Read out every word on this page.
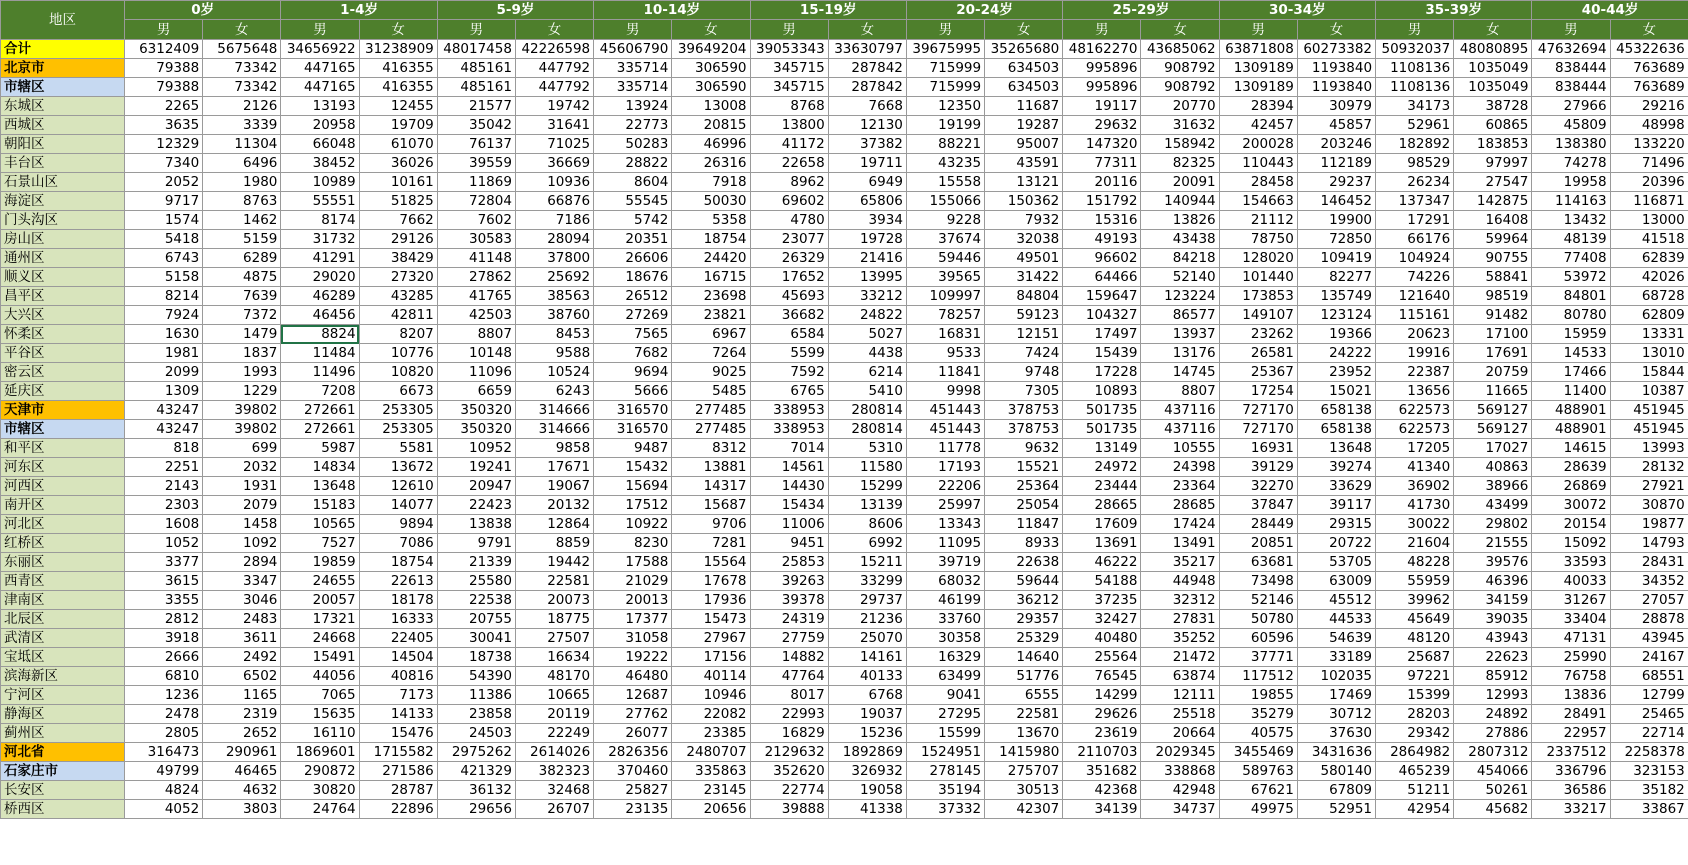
地区	0岁		1-4岁		5-9岁		10-14岁		15-19岁		20-24岁		25-29岁		30-34岁		35-39岁		40-44岁	
	男	女	男	女	男	女	男	女	男	女	男	女	男	女	男	女	男	女	男	女
合计	6312409	5675648	34656922	31238909	48017458	42226598	45606790	39649204	39053343	33630797	39675995	35265680	48162270	43685062	63871808	60273382	50932037	48080895	47632694	45322636
北京市	79388	73342	447165	416355	485161	447792	335714	306590	345715	287842	715999	634503	995896	908792	1309189	1193840	1108136	1035049	838444	763689
市辖区	79388	73342	447165	416355	485161	447792	335714	306590	345715	287842	715999	634503	995896	908792	1309189	1193840	1108136	1035049	838444	763689
东城区	2265	2126	13193	12455	21577	19742	13924	13008	8768	7668	12350	11687	19117	20770	28394	30979	34173	38728	27966	29216
西城区	3635	3339	20958	19709	35042	31641	22773	20815	13800	12130	19199	19287	29632	31632	42457	45857	52961	60865	45809	48998
朝阳区	12329	11304	66048	61070	76137	71025	50283	46996	41172	37382	88221	95007	147320	158942	200028	203246	182892	183853	138380	133220
丰台区	7340	6496	38452	36026	39559	36669	28822	26316	22658	19711	43235	43591	77311	82325	110443	112189	98529	97997	74278	71496
石景山区	2052	1980	10989	10161	11869	10936	8604	7918	8962	6949	15558	13121	20116	20091	28458	29237	26234	27547	19958	20396
海淀区	9717	8763	55551	51825	72804	66876	55545	50030	69602	65806	155066	150362	151792	140944	154663	146452	137347	142875	114163	116871
门头沟区	1574	1462	8174	7662	7602	7186	5742	5358	4780	3934	9228	7932	15316	13826	21112	19900	17291	16408	13432	13000
房山区	5418	5159	31732	29126	30583	28094	20351	18754	23077	19728	37674	32038	49193	43438	78750	72850	66176	59964	48139	41518
通州区	6743	6289	41291	38429	41148	37800	26606	24420	26329	21416	59446	49501	96602	84218	128020	109419	104924	90755	77408	62839
顺义区	5158	4875	29020	27320	27862	25692	18676	16715	17652	13995	39565	31422	64466	52140	101440	82277	74226	58841	53972	42026
昌平区	8214	7639	46289	43285	41765	38563	26512	23698	45693	33212	109997	84804	159647	123224	173853	135749	121640	98519	84801	68728
大兴区	7924	7372	46456	42811	42503	38760	27269	23821	36682	24822	78257	59123	104327	86577	149107	123124	115161	91482	80780	62809
怀柔区	1630	1479	8824	8207	8807	8453	7565	6967	6584	5027	16831	12151	17497	13937	23262	19366	20623	17100	15959	13331
平谷区	1981	1837	11484	10776	10148	9588	7682	7264	5599	4438	9533	7424	15439	13176	26581	24222	19916	17691	14533	13010
密云区	2099	1993	11496	10820	11096	10524	9694	9025	7592	6214	11841	9748	17228	14745	25367	23952	22387	20759	17466	15844
延庆区	1309	1229	7208	6673	6659	6243	5666	5485	6765	5410	9998	7305	10893	8807	17254	15021	13656	11665	11400	10387
天津市	43247	39802	272661	253305	350320	314666	316570	277485	338953	280814	451443	378753	501735	437116	727170	658138	622573	569127	488901	451945
市辖区	43247	39802	272661	253305	350320	314666	316570	277485	338953	280814	451443	378753	501735	437116	727170	658138	622573	569127	488901	451945
和平区	818	699	5987	5581	10952	9858	9487	8312	7014	5310	11778	9632	13149	10555	16931	13648	17205	17027	14615	13993
河东区	2251	2032	14834	13672	19241	17671	15432	13881	14561	11580	17193	15521	24972	24398	39129	39274	41340	40863	28639	28132
河西区	2143	1931	13648	12610	20947	19067	15694	14317	14430	15299	22206	25364	23444	23364	32270	33629	36902	38966	26869	27921
南开区	2303	2079	15183	14077	22423	20132	17512	15687	15434	13139	25997	25054	28665	28685	37847	39117	41730	43499	30072	30870
河北区	1608	1458	10565	9894	13838	12864	10922	9706	11006	8606	13343	11847	17609	17424	28449	29315	30022	29802	20154	19877
红桥区	1052	1092	7527	7086	9791	8859	8230	7281	9451	6992	11095	8933	13691	13491	20851	20722	21604	21555	15092	14793
东丽区	3377	2894	19859	18754	21339	19442	17588	15564	25853	15211	39719	22638	46222	35217	63681	53705	48228	39576	33593	28431
西青区	3615	3347	24655	22613	25580	22581	21029	17678	39263	33299	68032	59644	54188	44948	73498	63009	55959	46396	40033	34352
津南区	3355	3046	20057	18178	22538	20073	20013	17936	39378	29737	46199	36212	37235	32312	52146	45512	39962	34159	31267	27057
北辰区	2812	2483	17321	16333	20755	18775	17377	15473	24319	21236	33760	29357	32427	27831	50780	44533	45649	39035	33404	28878
武清区	3918	3611	24668	22405	30041	27507	31058	27967	27759	25070	30358	25329	40480	35252	60596	54639	48120	43943	47131	43945
宝坻区	2666	2492	15491	14504	18738	16634	19222	17156	14882	14161	16329	14640	25564	21472	37771	33189	25687	22623	25990	24167
滨海新区	6810	6502	44056	40816	54390	48170	46480	40114	47764	40133	63499	51776	76545	63874	117512	102035	97221	85912	76758	68551
宁河区	1236	1165	7065	7173	11386	10665	12687	10946	8017	6768	9041	6555	14299	12111	19855	17469	15399	12993	13836	12799
静海区	2478	2319	15635	14133	23858	20119	27762	22082	22993	19037	27295	22581	29626	25518	35279	30712	28203	24892	28491	25465
蓟州区	2805	2652	16110	15476	24503	22249	26077	23385	16829	15236	15599	13670	23619	20664	40575	37630	29342	27886	22957	22714
河北省	316473	290961	1869601	1715582	2975262	2614026	2826356	2480707	2129632	1892869	1524951	1415980	2110703	2029345	3455469	3431636	2864982	2807312	2337512	2258378
石家庄市	49799	46465	290872	271586	421329	382323	370460	335863	352620	326932	278145	275707	351682	338868	589763	580140	465239	454066	336796	323153
长安区	4824	4632	30820	28787	36132	32468	25827	23145	22774	19058	35194	30513	42368	42948	67621	67809	51211	50261	36586	35182
桥西区	4052	3803	24764	22896	29656	26707	23135	20656	39888	41338	37332	42307	34139	34737	49975	52951	42954	45682	33217	33867
